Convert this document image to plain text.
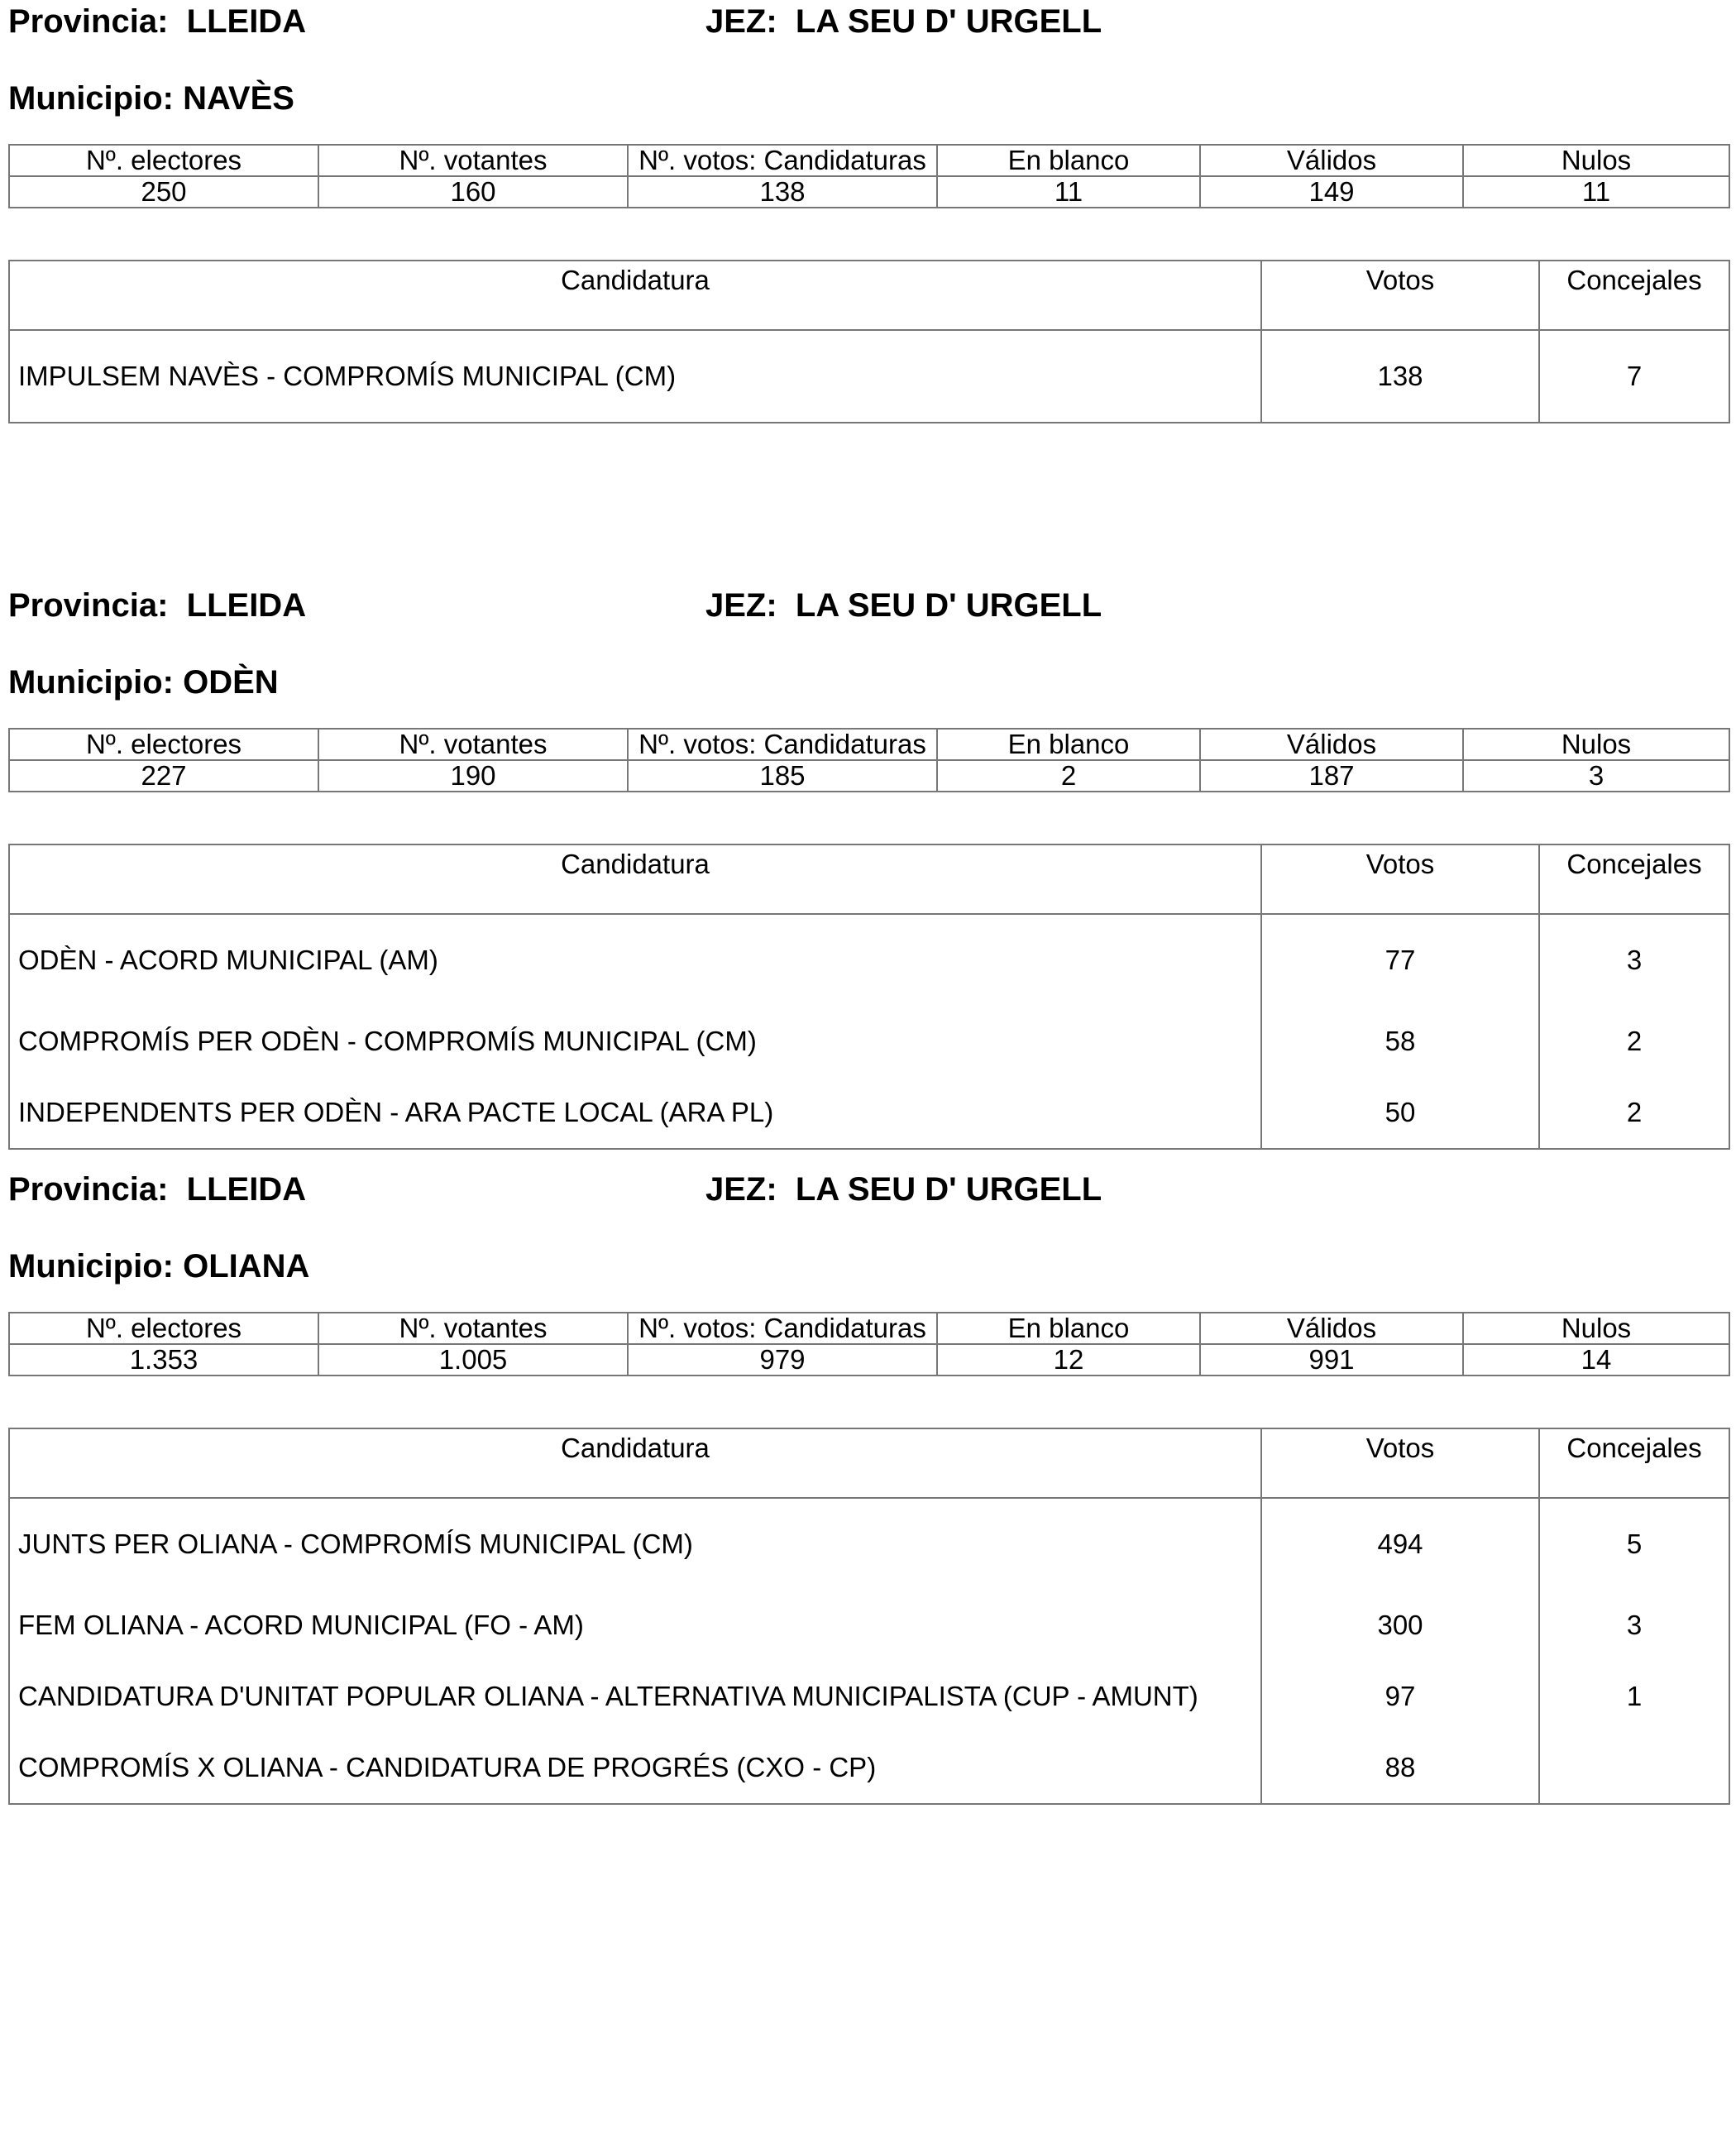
Provincia: LLEIDA	JEZ: LA SEU D' URGELL
Municipio: NAVÈS
Nº. electores	Nº. votantes	Nº. votos: Candidaturas	En blanco	Válidos	Nulos
250	160	138	11	149	11
Candidatura	Votos	Concejales
IMPULSEM NAVÈS - COMPROMÍS MUNICIPAL (CM)	138	7
Provincia: LLEIDA	JEZ: LA SEU D' URGELL
Municipio: ODÈN
Nº. electores	Nº. votantes	Nº. votos: Candidaturas	En blanco	Válidos	Nulos
227	190	185	2	187	3
Candidatura	Votos	Concejales
ODÈN - ACORD MUNICIPAL (AM)	77	3
COMPROMÍS PER ODÈN - COMPROMÍS MUNICIPAL (CM)	58	2
INDEPENDENTS PER ODÈN - ARA PACTE LOCAL (ARA PL)	50	2
Provincia: LLEIDA	JEZ: LA SEU D' URGELL
Municipio: OLIANA
Nº. electores	Nº. votantes	Nº. votos: Candidaturas	En blanco	Válidos	Nulos
1.353	1.005	979	12	991	14
Candidatura	Votos	Concejales
JUNTS PER OLIANA - COMPROMÍS MUNICIPAL (CM)	494	5
FEM OLIANA - ACORD MUNICIPAL (FO - AM)	300	3
CANDIDATURA D'UNITAT POPULAR OLIANA - ALTERNATIVA MUNICIPALISTA (CUP - AMUNT)	97	1
COMPROMÍS X OLIANA - CANDIDATURA DE PROGRÉS (CXO - CP)	88	
